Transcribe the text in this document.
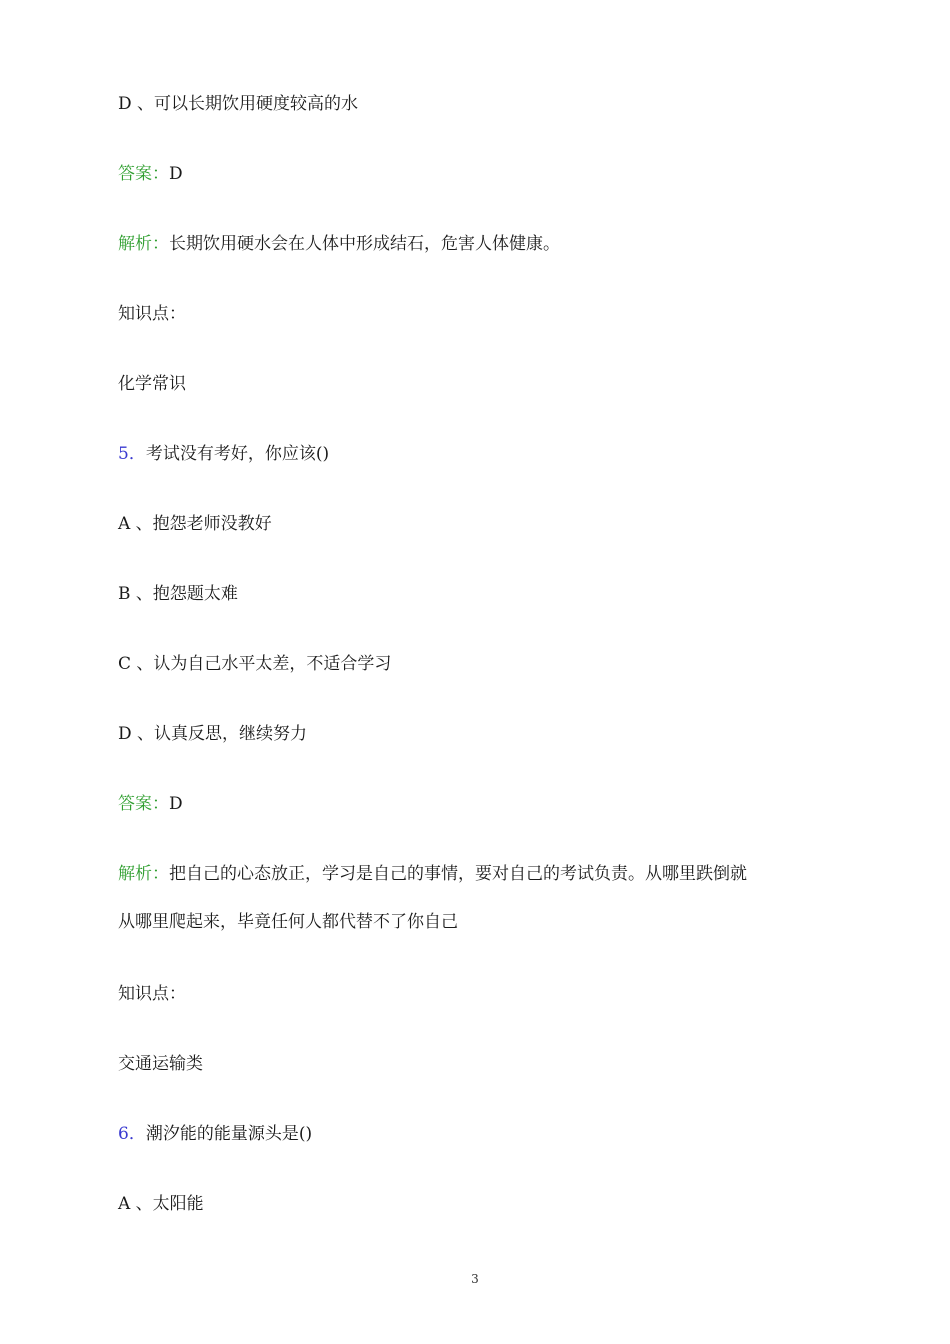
D 、可以长期饮用硬度较高的水
答案：D
解析：长期饮用硬水会在人体中形成结石，危害人体健康。
知识点：
化学常识
5．考试没有考好，你应该()
A 、抱怨老师没教好
B 、抱怨题太难
C 、认为自己水平太差，不适合学习
D 、认真反思，继续努力
答案：D
解析：把自己的心态放正，学习是自己的事情，要对自己的考试负责。从哪里跌倒就
从哪里爬起来，毕竟任何人都代替不了你自己
知识点：
交通运输类
6．潮汐能的能量源头是()
A 、太阳能
3
